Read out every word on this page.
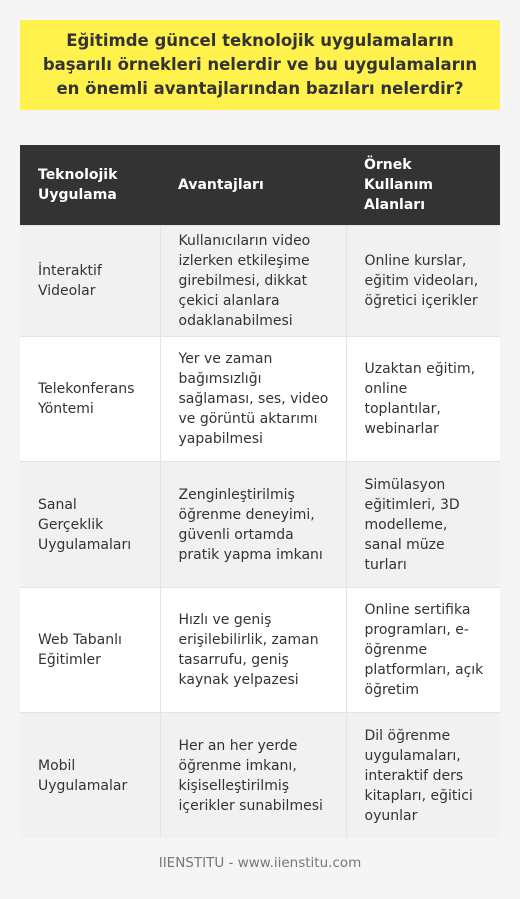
Eğitimde güncel teknolojik uygulamaların başarılı örnekleri nelerdir ve bu uygulamaların en önemli avantajlarından bazıları nelerdir?
Teknolojik Uygulama	Avantajları	Örnek Kullanım Alanları
İnteraktif Videolar	Kullanıcıların video izlerken etkileşime girebilmesi, dikkat çekici alanlara odaklanabilmesi	Online kurslar, eğitim videoları, öğretici içerikler
Telekonferans Yöntemi	Yer ve zaman bağımsızlığı sağlaması, ses, video ve görüntü aktarımı yapabilmesi	Uzaktan eğitim, online toplantılar, webinarlar
Sanal Gerçeklik Uygulamaları	Zenginleştirilmiş öğrenme deneyimi, güvenli ortamda pratik yapma imkanı	Simülasyon eğitimleri, 3D modelleme, sanal müze turları
Web Tabanlı Eğitimler	Hızlı ve geniş erişilebilirlik, zaman tasarrufu, geniş kaynak yelpazesi	Online sertifika programları, e-öğrenme platformları, açık öğretim
Mobil Uygulamalar	Her an her yerde öğrenme imkanı, kişiselleştirilmiş içerikler sunabilmesi	Dil öğrenme uygulamaları, interaktif ders kitapları, eğitici oyunlar
IIENSTITU - www.iienstitu.com
